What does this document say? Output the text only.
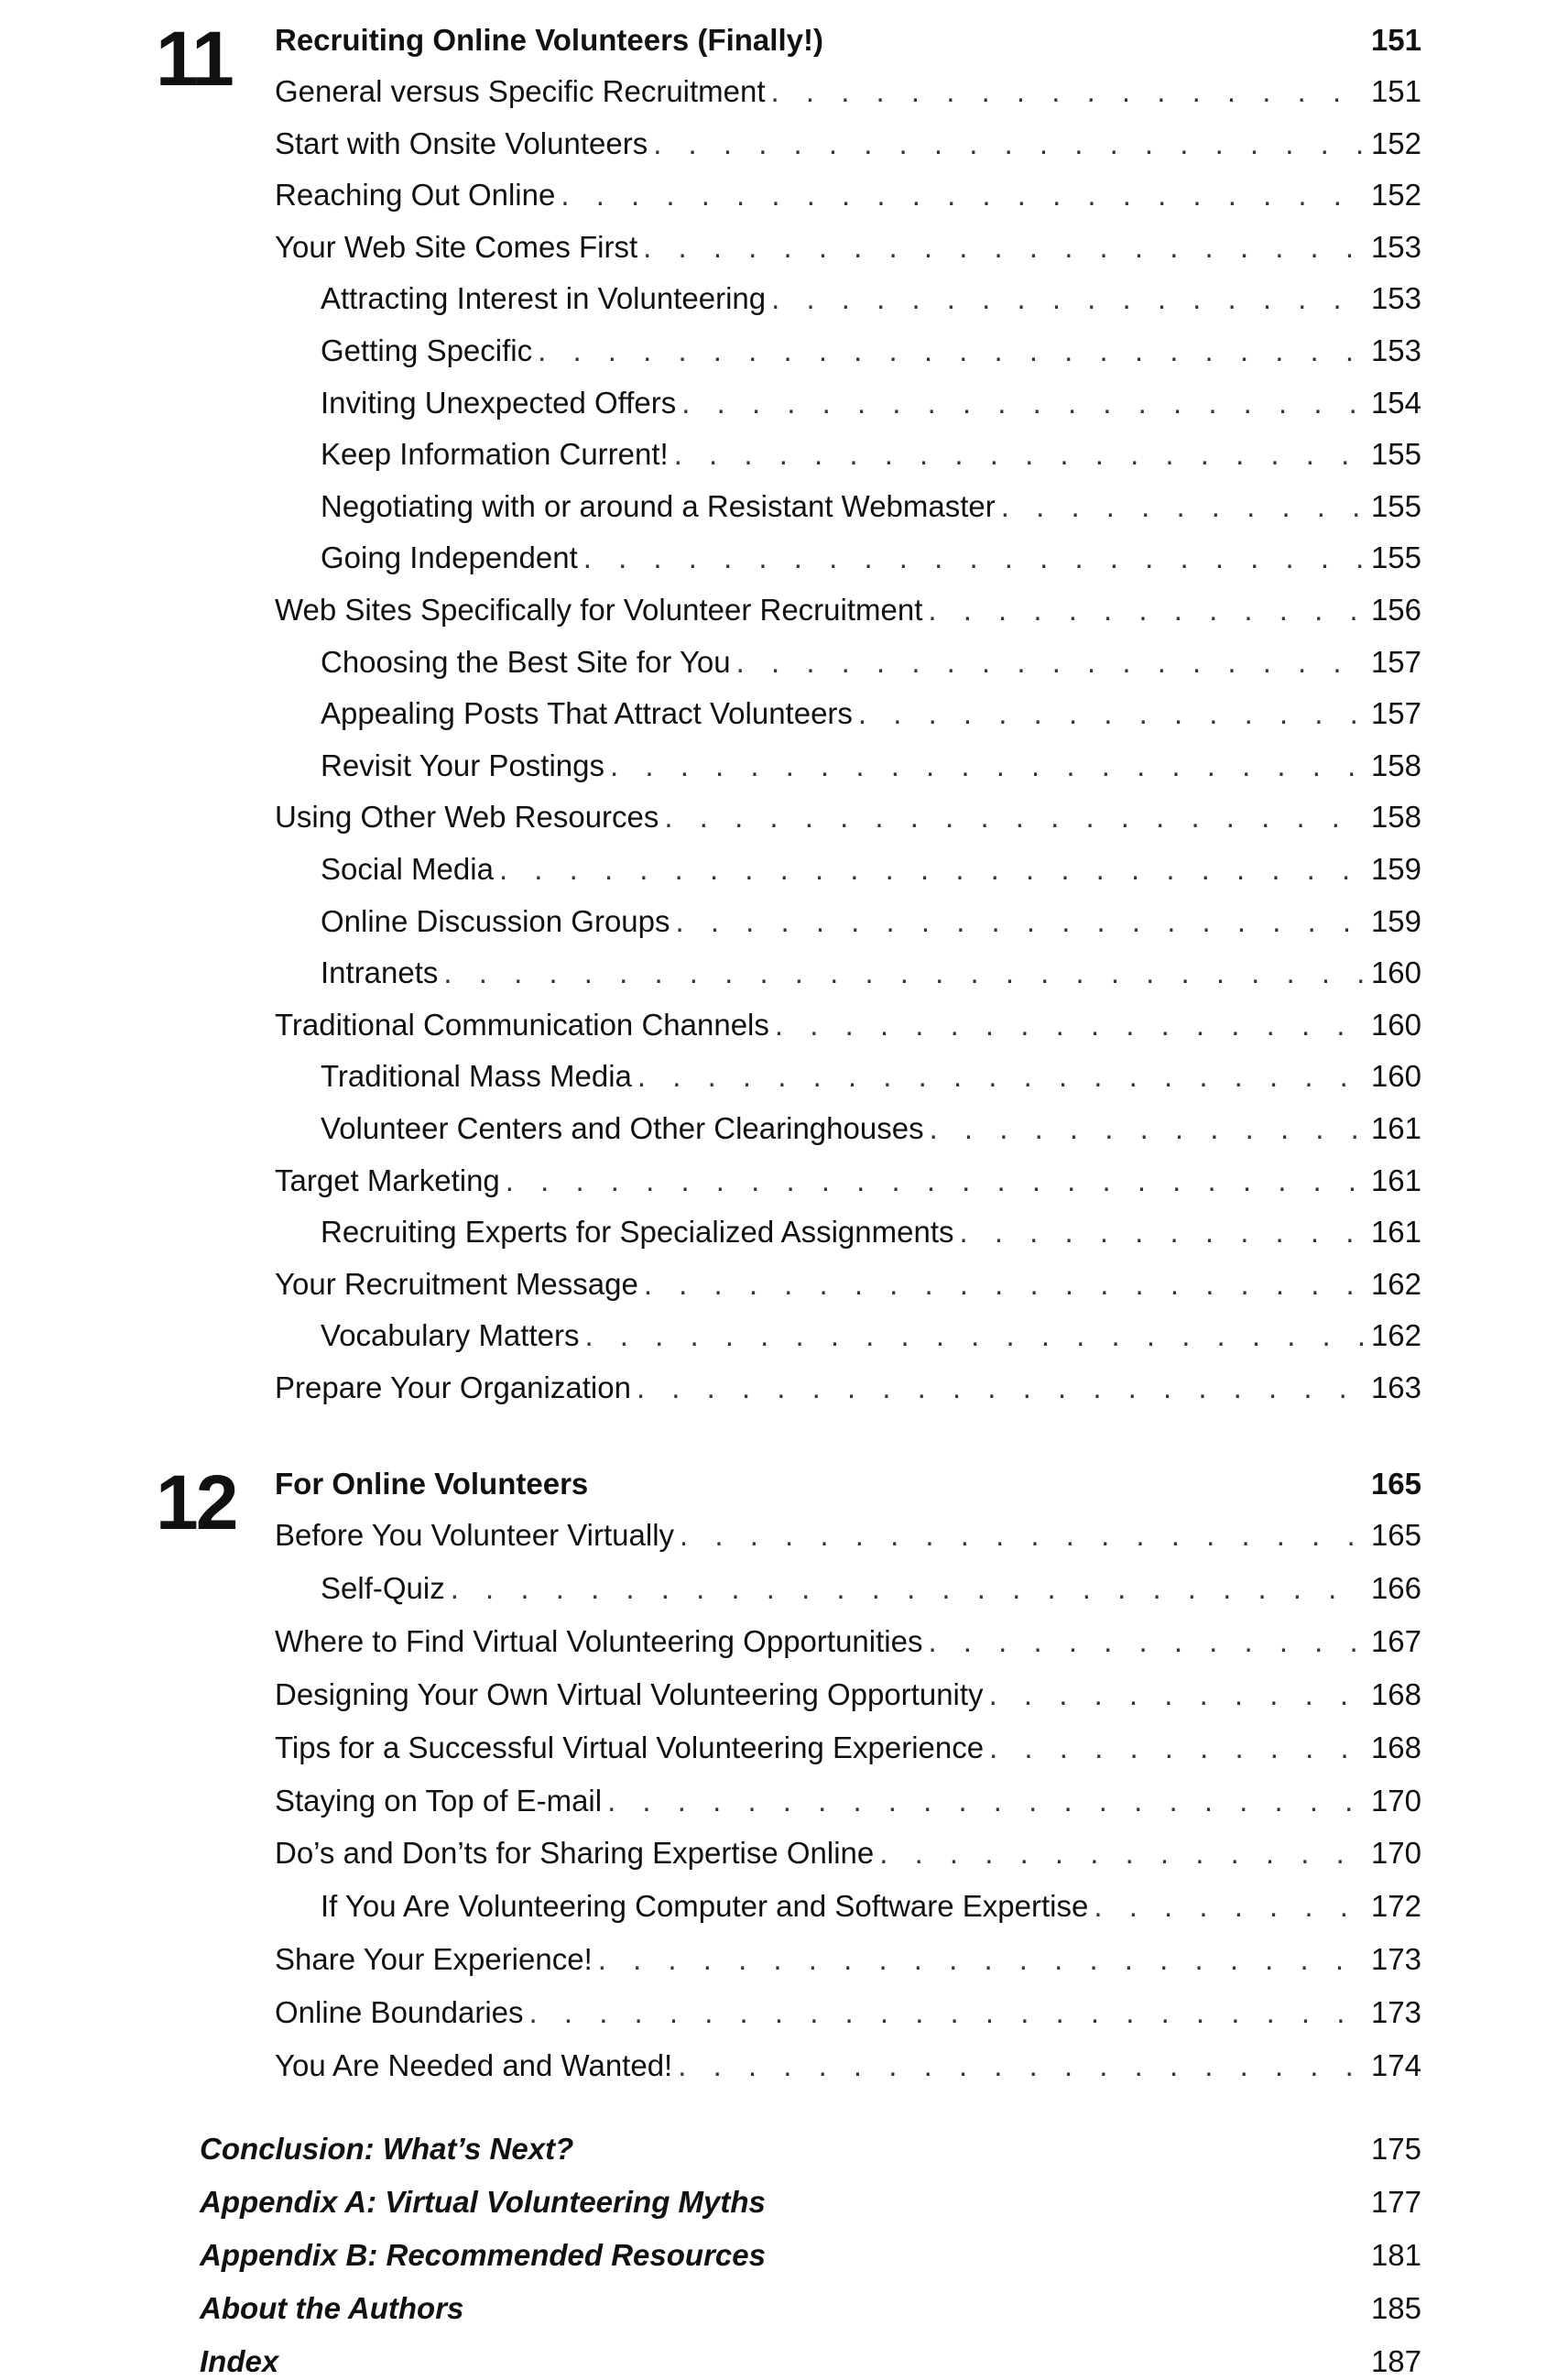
11 Recruiting Online Volunteers (Finally!)	151
General versus Specific Recruitment . . .	151
Start with Onsite Volunteers . . .	152
Reaching Out Online . . .	152
Your Web Site Comes First . . .	153
Attracting Interest in Volunteering . . .	153
Getting Specific . . .	153
Inviting Unexpected Offers . . .	154
Keep Information Current! . . .	155
Negotiating with or around a Resistant Webmaster . . .	155
Going Independent . . .	155
Web Sites Specifically for Volunteer Recruitment . . .	156
Choosing the Best Site for You . . .	157
Appealing Posts That Attract Volunteers . . .	157
Revisit Your Postings . . .	158
Using Other Web Resources . . .	158
Social Media . . .	159
Online Discussion Groups . . .	159
Intranets . . .	160
Traditional Communication Channels . . .	160
Traditional Mass Media . . .	160
Volunteer Centers and Other Clearinghouses . . .	161
Target Marketing . . .	161
Recruiting Experts for Specialized Assignments . . .	161
Your Recruitment Message . . .	162
Vocabulary Matters . . .	162
Prepare Your Organization . . .	163
12 For Online Volunteers	165
Before You Volunteer Virtually . . .	165
Self-Quiz . . .	166
Where to Find Virtual Volunteering Opportunities . . .	167
Designing Your Own Virtual Volunteering Opportunity . . .	168
Tips for a Successful Virtual Volunteering Experience . . .	168
Staying on Top of E-mail . . .	170
Do’s and Don’ts for Sharing Expertise Online . . .	170
If You Are Volunteering Computer and Software Expertise . . .	172
Share Your Experience! . . .	173
Online Boundaries . . .	173
You Are Needed and Wanted! . . .	174
Conclusion: What’s Next?	175
Appendix A: Virtual Volunteering Myths	177
Appendix B: Recommended Resources	181
About the Authors	185
Index	187
